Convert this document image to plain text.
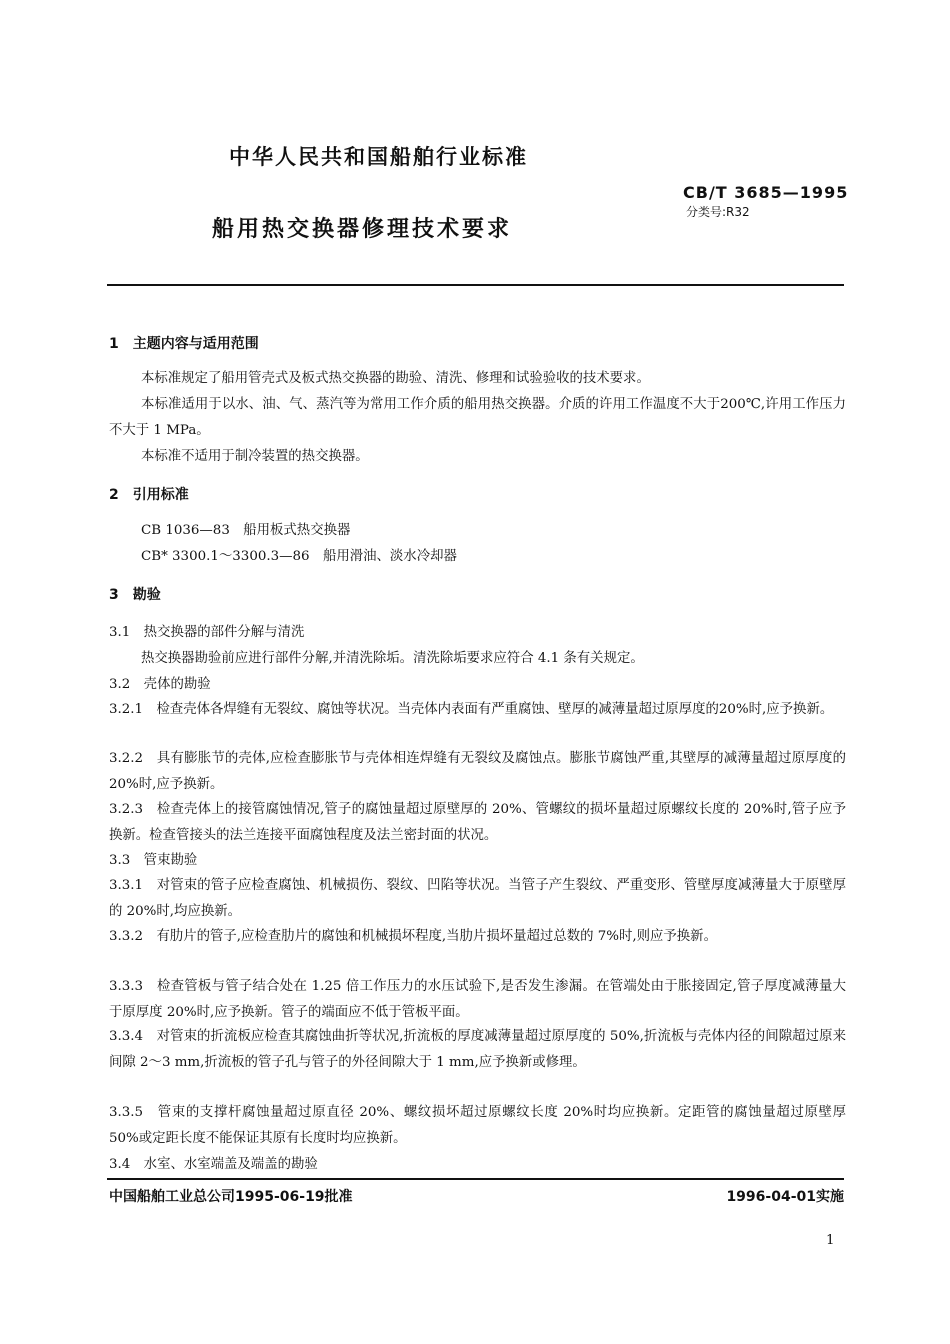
中华人民共和国船舶行业标准
CB/T 3685—1995
分类号:R32
船用热交换器修理技术要求
1　主题内容与适用范围
本标准规定了船用管壳式及板式热交换器的勘验、清洗、修理和试验验收的技术要求。
本标准适用于以水、油、气、蒸汽等为常用工作介质的船用热交换器。介质的许用工作温度不大于200℃,许用工作压力不大于 1 MPa。
本标准不适用于制冷装置的热交换器。
2　引用标准
CB 1036—83　船用板式热交换器
CB* 3300.1～3300.3—86　船用滑油、淡水冷却器
3　勘验
3.1　热交换器的部件分解与清洗
热交换器勘验前应进行部件分解,并清洗除垢。清洗除垢要求应符合 4.1 条有关规定。
3.2　壳体的勘验
3.2.1　检查壳体各焊缝有无裂纹、腐蚀等状况。当壳体内表面有严重腐蚀、壁厚的减薄量超过原厚度的20%时,应予换新。
3.2.2　具有膨胀节的壳体,应检查膨胀节与壳体相连焊缝有无裂纹及腐蚀点。膨胀节腐蚀严重,其壁厚的减薄量超过原厚度的 20%时,应予换新。
3.2.3　检查壳体上的接管腐蚀情况,管子的腐蚀量超过原壁厚的 20%、管螺纹的损坏量超过原螺纹长度的 20%时,管子应予换新。检查管接头的法兰连接平面腐蚀程度及法兰密封面的状况。
3.3　管束勘验
3.3.1　对管束的管子应检查腐蚀、机械损伤、裂纹、凹陷等状况。当管子产生裂纹、严重变形、管壁厚度减薄量大于原壁厚的 20%时,均应换新。
3.3.2　有肋片的管子,应检查肋片的腐蚀和机械损坏程度,当肋片损坏量超过总数的 7%时,则应予换新。
3.3.3　检查管板与管子结合处在 1.25 倍工作压力的水压试验下,是否发生渗漏。在管端处由于胀接固定,管子厚度减薄量大于原厚度 20%时,应予换新。管子的端面应不低于管板平面。
3.3.4　对管束的折流板应检查其腐蚀曲折等状况,折流板的厚度减薄量超过原厚度的 50%,折流板与壳体内径的间隙超过原来间隙 2～3 mm,折流板的管子孔与管子的外径间隙大于 1 mm,应予换新或修理。
3.3.5　管束的支撑杆腐蚀量超过原直径 20%、螺纹损坏超过原螺纹长度 20%时均应换新。定距管的腐蚀量超过原壁厚 50%或定距长度不能保证其原有长度时均应换新。
3.4　水室、水室端盖及端盖的勘验
中国船舶工业总公司1995-06-19批准	1996-04-01实施
1
